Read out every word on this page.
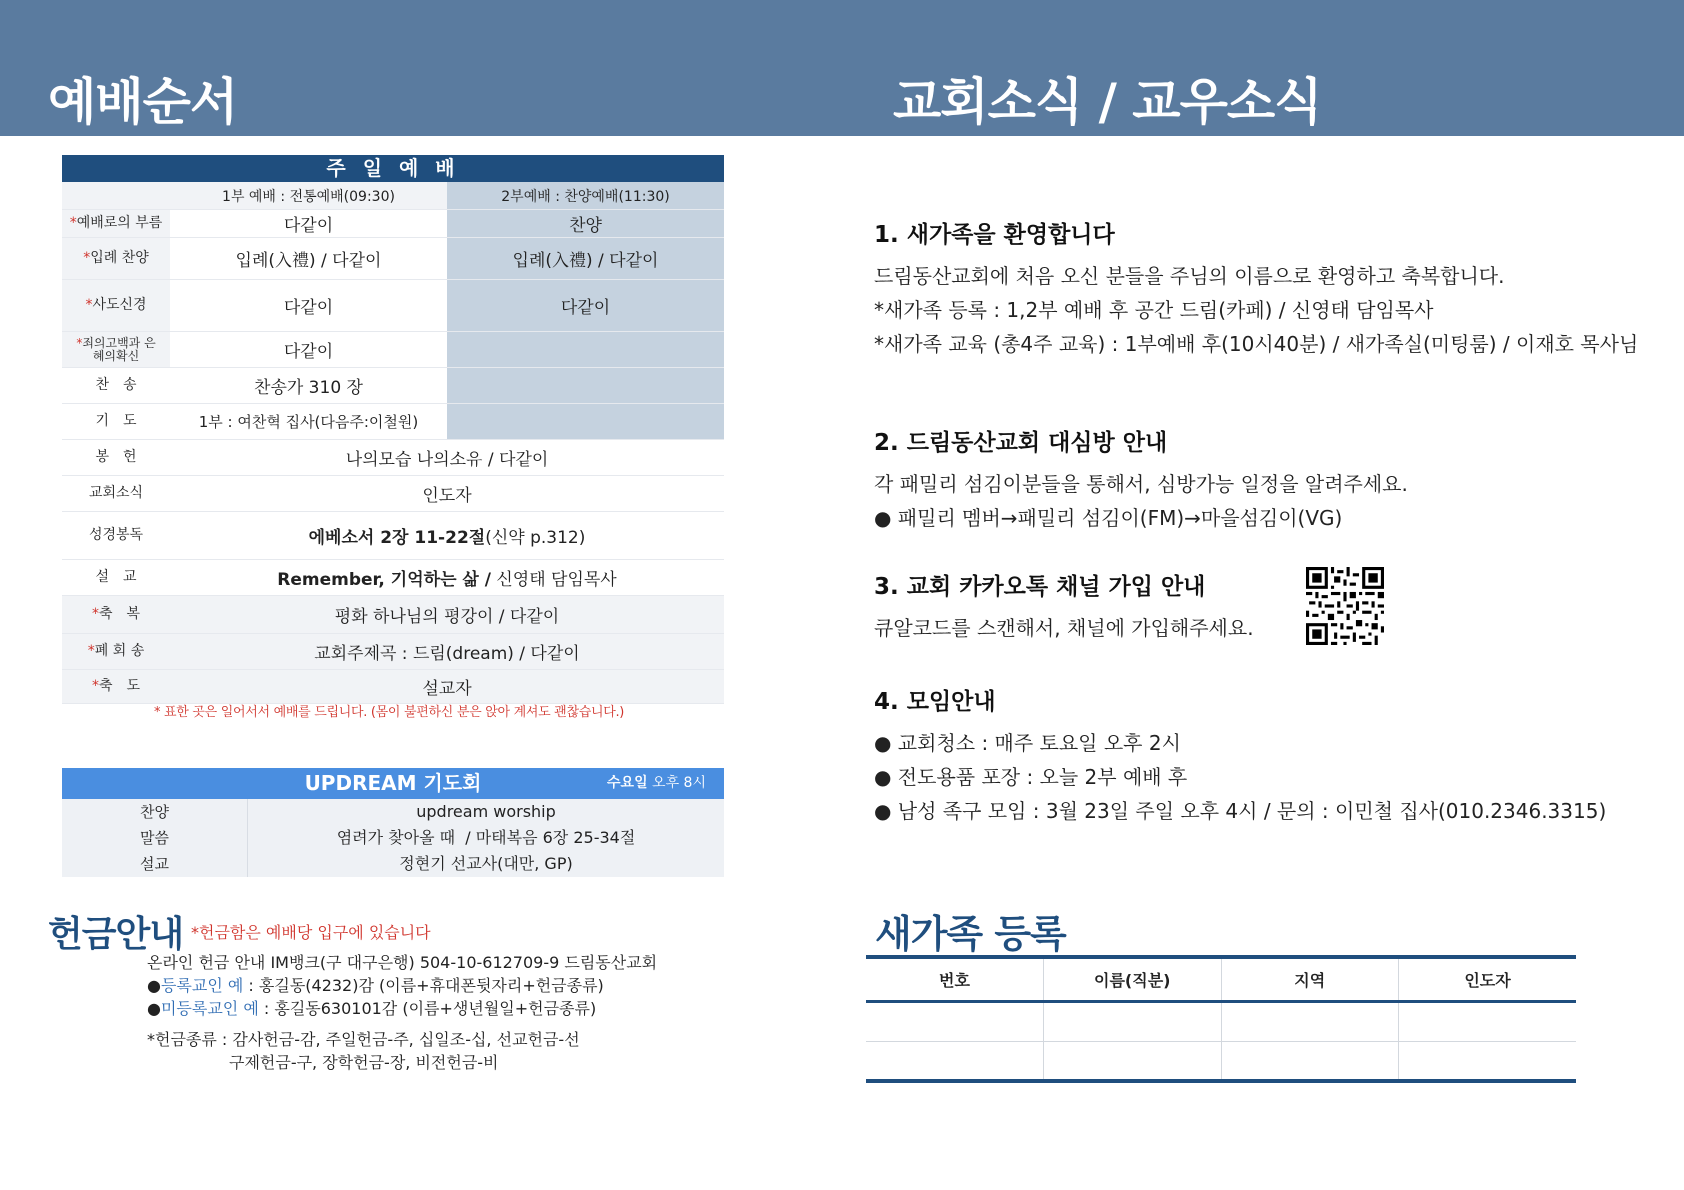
예배순서	교회소식 / 교우소식
주 일 예 배
1부 예배 : 전통예배(09:30)	2부예배 : 찬양예배(11:30)
* 예배로의 부름	다같이	찬양
* 입례 찬양	입례(入禮) / 다같이	입례(入禮) / 다같이
* 사도신경	다같이	다같이
*죄의고백과 은혜의확신	다같이
찬　송	찬송가 310 장
기　도	1부 : 여찬혁 집사(다음주:이철원)
봉　헌	나의모습 나의소유 / 다같이
교회소식	인도자
성경봉독	에베소서 2장 11-22절 (신약 p.312)
설　교	Remember, 기억하는 삶 / 신영태 담임목사
* 축　복	평화 하나님의 평강이 / 다같이
* 폐 회 송	교회주제곡 : 드림(dream) / 다같이
* 축　도	설교자
* 표한 곳은 일어서서 예배를 드립니다. (몸이 불편하신 분은 앉아 계셔도 괜찮습니다.)
UPDREAM 기도회	수요일 오후 8시
찬양	updream worship
말씀	염려가 찾아올 때  / 마태복음 6장 25-34절
설교	정현기 선교사(대만, GP)
헌금안내 *헌금함은 예배당 입구에 있습니다
온라인 헌금 안내 IM뱅크(구 대구은행) 504-10-612709-9 드림동산교회
●등록교인 예 : 홍길동(4232)감 (이름+휴대폰뒷자리+헌금종류)
●미등록교인 예 : 홍길동630101감 (이름+생년월일+헌금종류)
*헌금종류 : 감사헌금-감, 주일헌금-주, 십일조-십, 선교헌금-선
구제헌금-구, 장학헌금-장, 비전헌금-비
1. 새가족을 환영합니다

드림동산교회에 처음 오신 분들을 주님의 이름으로 환영하고 축복합니다.

*새가족 등록 : 1,2부 예배 후 공간 드림(카페) / 신영태 담임목사

*새가족 교육 (총4주 교육) : 1부예배 후(10시40분) / 새가족실(미팅룸) / 이재호 목사님

2. 드림동산교회 대심방 안내

각 패밀리 섬김이분들을 통해서, 심방가능 일정을 알려주세요.

● 패밀리 멤버→패밀리 섬김이(FM)→마을섬김이(VG)

3. 교회 카카오톡 채널 가입 안내

큐알코드를 스캔해서, 채널에 가입해주세요.

4. 모임안내

● 교회청소 : 매주 토요일 오후 2시

● 전도용품 포장 : 오늘 2부 예배 후

● 남성 족구 모임 : 3월 23일 주일 오후 4시 / 문의 : 이민철 집사(010.2346.3315)

새가족 등록
번호	이름(직분)	지역	인도자
